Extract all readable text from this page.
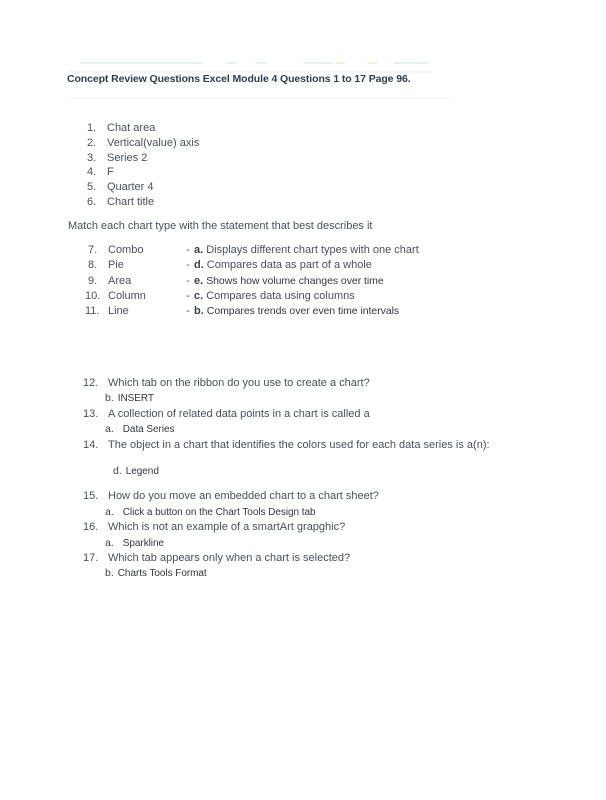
Concept Review Questions Excel Module 4 Questions 1 to 17 Page 96.
1. Chat area
2. Vertical(value) axis
3. Series 2
4. F
5. Quarter 4
6. Chart title
Match each chart type with the statement that best describes it
7. Combo	- a. Displays different chart types with one chart
8. Pie	- d. Compares data as part of a whole
9. Area	- e. Shows how volume changes over time
10. Column	- c. Compares data using columns
11. Line	- b. Compares trends over even time intervals
12. Which tab on the ribbon do you use to create a chart?
b. INSERT
13. A collection of related data points in a chart is called a
a. Data Series
14. The object in a chart that identifies the colors used for each data series is a(n):
d. Legend
15. How do you move an embedded chart to a chart sheet?
a. Click a button on the Chart Tools Design tab
16. Which is not an example of a smartArt grapghic?
a. Sparkline
17. Which tab appears only when a chart is selected?
b. Charts Tools Format
